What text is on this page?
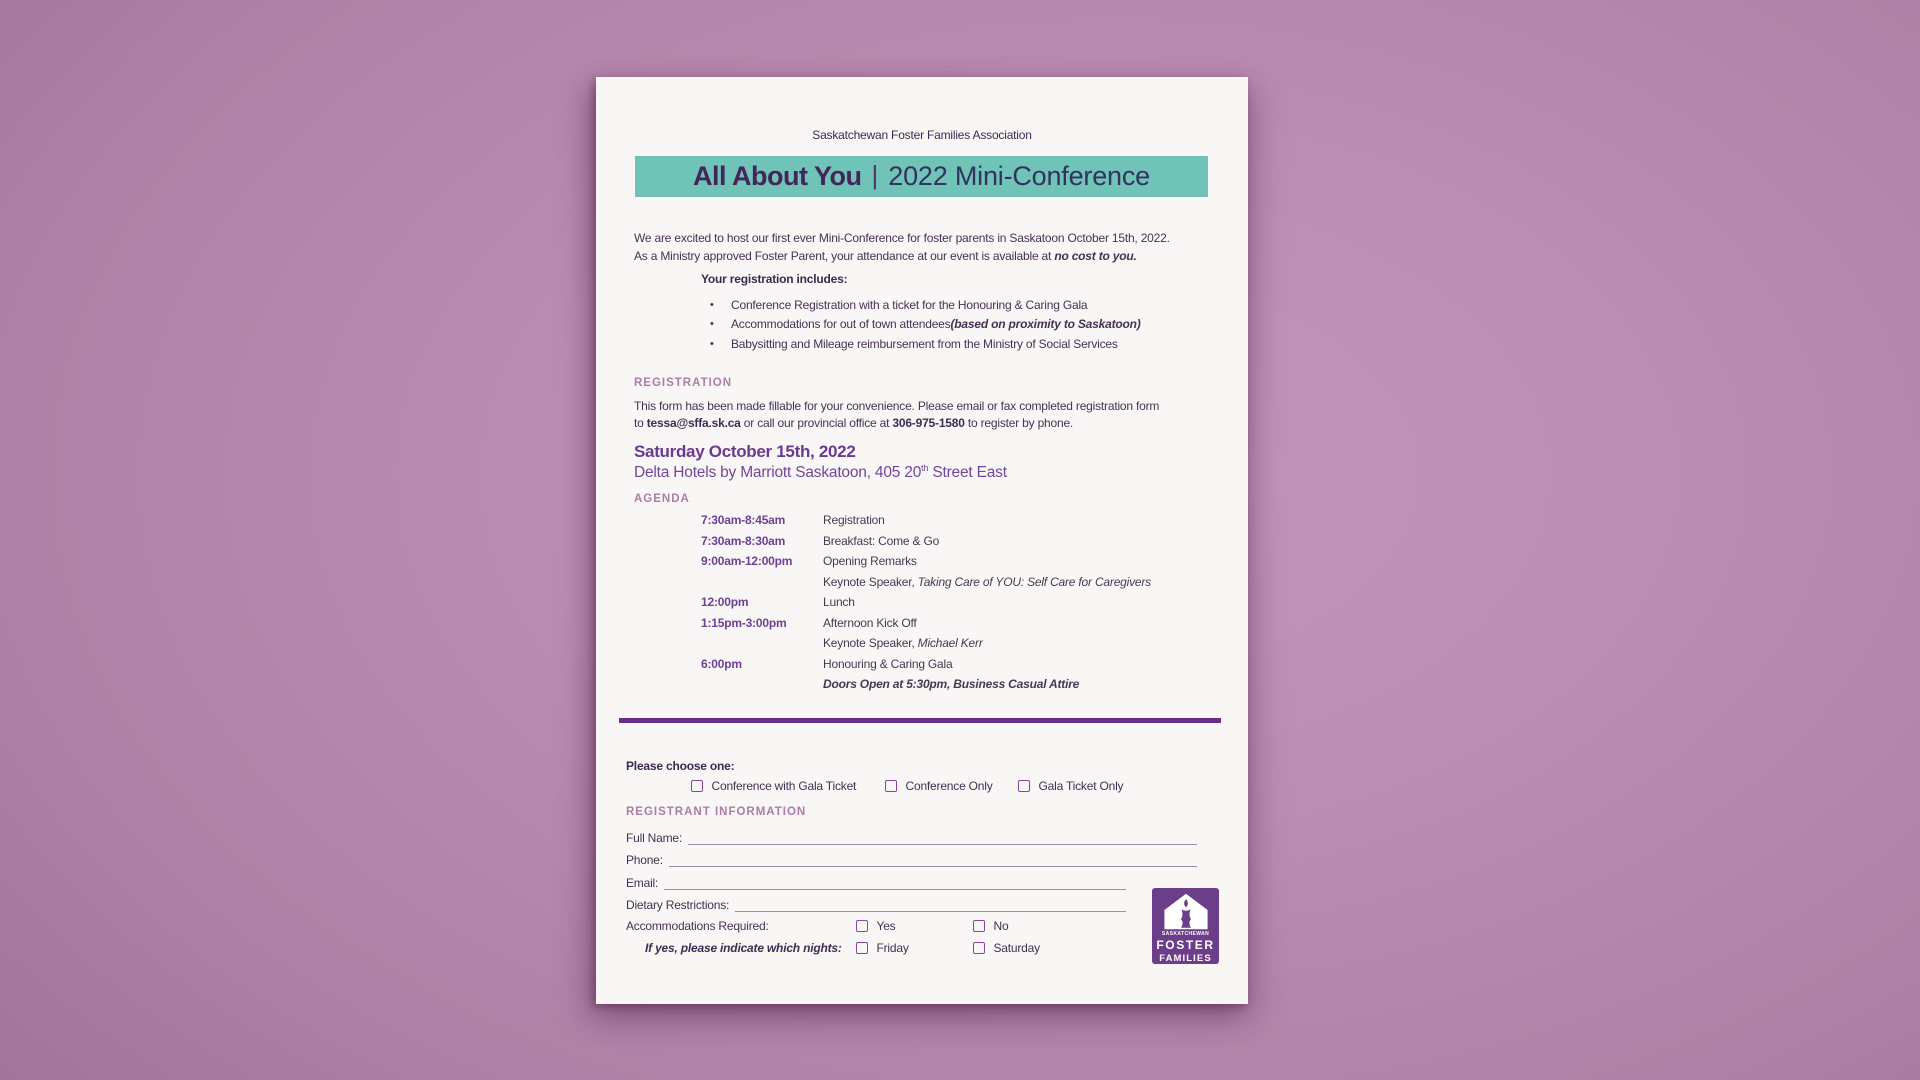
Saskatchewan Foster Families Association
All About You | 2022 Mini-Conference
We are excited to host our first ever Mini-Conference for foster parents in Saskatoon October 15th, 2022.
As a Ministry approved Foster Parent, your attendance at our event is available at no cost to you.
Your registration includes:
•	Conference Registration with a ticket for the Honouring & Caring Gala
•	Accommodations for out of town attendees (based on proximity to Saskatoon)
•	Babysitting and Mileage reimbursement from the Ministry of Social Services
REGISTRATION
This form has been made fillable for your convenience. Please email or fax completed registration form
to tessa@sffa.sk.ca or call our provincial office at 306-975-1580 to register by phone.
Saturday October 15th, 2022
Delta Hotels by Marriott Saskatoon, 405 20th Street East
AGENDA
7:30am-8:45am	Registration
7:30am-8:30am	Breakfast: Come & Go
9:00am-12:00pm	Opening Remarks
Keynote Speaker, Taking Care of YOU: Self Care for Caregivers
12:00pm	Lunch
1:15pm-3:00pm	Afternoon Kick Off
Keynote Speaker, Michael Kerr
6:00pm	Honouring & Caring Gala
Doors Open at 5:30pm, Business Casual Attire
Please choose one:
Conference with Gala Ticket	Conference Only	Gala Ticket Only
REGISTRANT INFORMATION
Full Name:
Phone:
Email:
Dietary Restrictions:
Accommodations Required:	Yes	No
If yes, please indicate which nights:	Friday	Saturday
SASKATCHEWAN
FOSTER
FAMILIES
